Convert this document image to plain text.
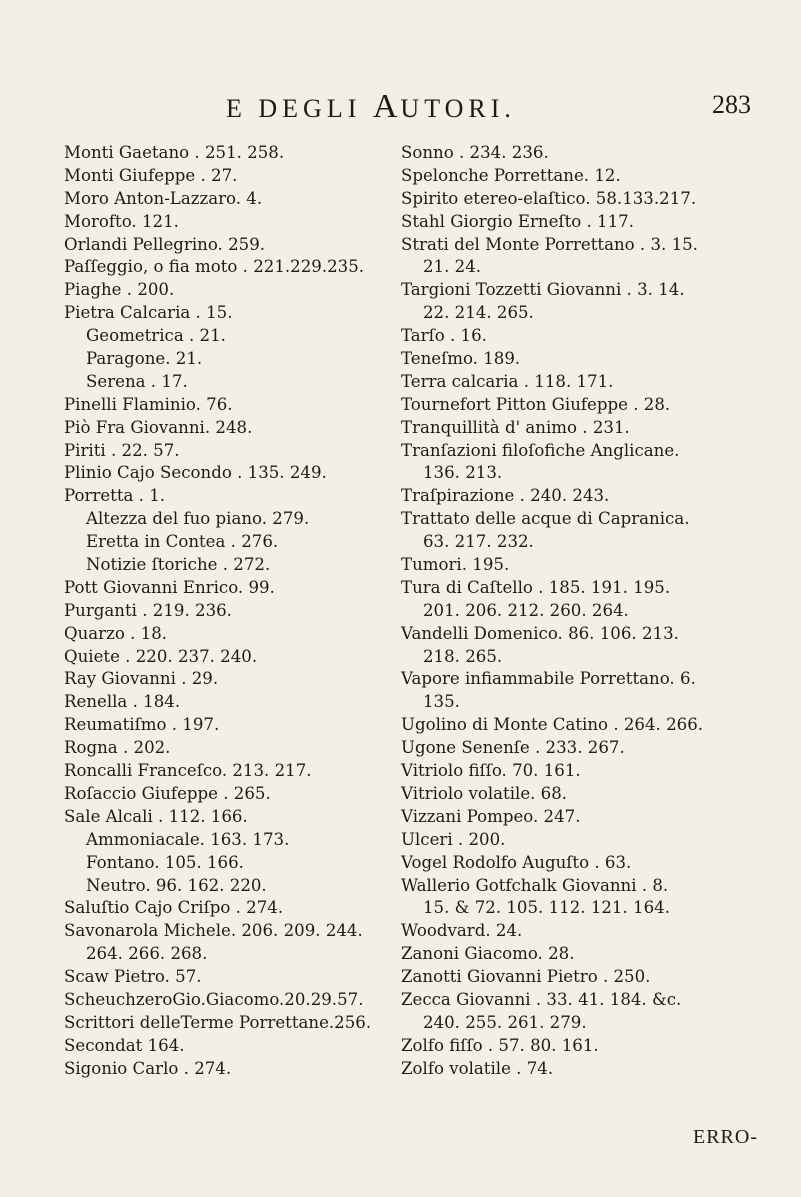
E DEGLI AUTORI.	283
Monti Gaetano . 251. 258.
Monti Giufeppe . 27.
Moro Anton-Lazzaro. 4.
Morofto. 121.
Orlandi Pellegrino. 259.
Paſſeggio, o fia moto . 221.229.235.
Piaghe . 200.
Pietra Calcaria . 15.
Geometrica . 21.
Paragone. 21.
Serena . 17.
Pinelli Flaminio. 76.
Piò Fra Giovanni. 248.
Piriti . 22. 57.
Plinio Cajo Secondo . 135. 249.
Porretta . 1.
Altezza del fuo piano. 279.
Eretta in Contea . 276.
Notizie ſtoriche . 272.
Pott Giovanni Enrico. 99.
Purganti . 219. 236.
Quarzo . 18.
Quiete . 220. 237. 240.
Ray Giovanni . 29.
Renella . 184.
Reumatiſmo . 197.
Rogna . 202.
Roncalli Franceſco. 213. 217.
Roſaccio Giufeppe . 265.
Sale Alcali . 112. 166.
Ammoniacale. 163. 173.
Fontano. 105. 166.
Neutro. 96. 162. 220.
Saluſtio Cajo Criſpo . 274.
Savonarola Michele. 206. 209. 244.
264. 266. 268.
Scaw Pietro. 57.
ScheuchzeroGio.Giacomo.20.29.57.
Scrittori delleTerme Porrettane.256.
Secondat 164.
Sigonio Carlo . 274.
Sonno . 234. 236.
Spelonche Porrettane. 12.
Spirito etereo-elaſtico. 58.133.217.
Stahl Giorgio Erneſto . 117.
Strati del Monte Porrettano . 3. 15.
21. 24.
Targioni Tozzetti Giovanni . 3. 14.
22. 214. 265.
Tarſo . 16.
Teneſmo. 189.
Terra calcaria . 118. 171.
Tournefort Pitton Giufeppe . 28.
Tranquillità d' animo . 231.
Tranſazioni filoſofiche Anglicane.
136. 213.
Traſpirazione . 240. 243.
Trattato delle acque di Capranica.
63. 217. 232.
Tumori. 195.
Tura di Caſtello . 185. 191. 195.
201. 206. 212. 260. 264.
Vandelli Domenico. 86. 106. 213.
218. 265.
Vapore infiammabile Porrettano. 6.
135.
Ugolino di Monte Catino . 264. 266.
Ugone Senenſe . 233. 267.
Vitriolo fiſſo. 70. 161.
Vitriolo volatile. 68.
Vizzani Pompeo. 247.
Ulceri . 200.
Vogel Rodolfo Auguſto . 63.
Wallerio Gotfchalk Giovanni . 8.
15. & 72. 105. 112. 121. 164.
Woodvard. 24.
Zanoni Giacomo. 28.
Zanotti Giovanni Pietro . 250.
Zecca Giovanni . 33. 41. 184. &c.
240. 255. 261. 279.
Zolfo fiſſo . 57. 80. 161.
Zolfo volatile . 74.
ERRO-
